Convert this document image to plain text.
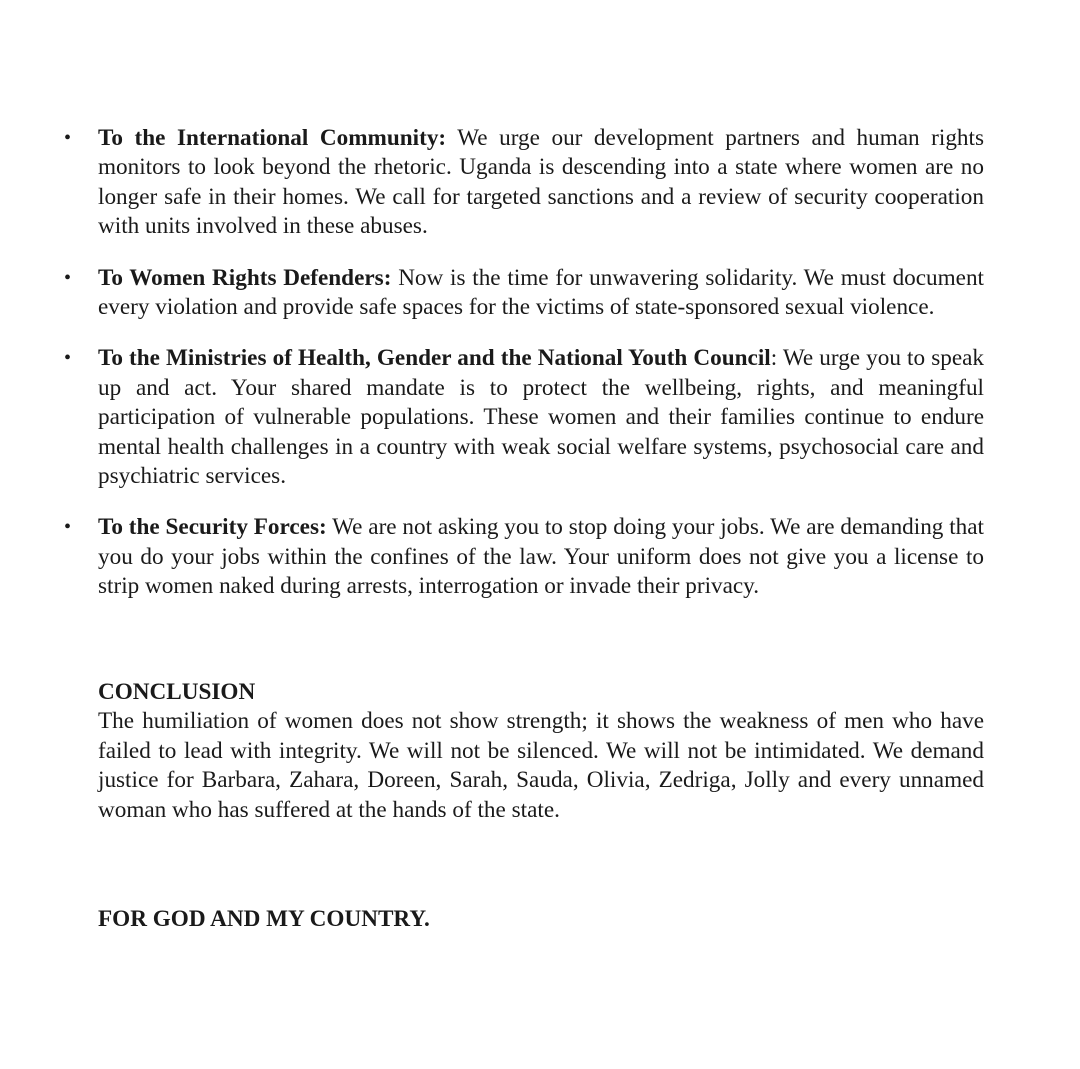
• To the International Community: We urge our development partners and human rights monitors to look beyond the rhetoric. Uganda is descending into a state where women are no longer safe in their homes. We call for targeted sanctions and a review of security cooperation with units involved in these abuses.
• To Women Rights Defenders: Now is the time for unwavering solidarity. We must document every violation and provide safe spaces for the victims of state-sponsored sexual violence.
• To the Ministries of Health, Gender and the National Youth Council: We urge you to speak up and act. Your shared mandate is to protect the wellbeing, rights, and meaningful participation of vulnerable populations. These women and their families continue to endure mental health challenges in a country with weak social welfare systems, psychosocial care and psychiatric services.
• To the Security Forces: We are not asking you to stop doing your jobs. We are demanding that you do your jobs within the confines of the law. Your uniform does not give you a license to strip women naked during arrests, interrogation or invade their privacy.

CONCLUSION

The humiliation of women does not show strength; it shows the weakness of men who have failed to lead with integrity. We will not be silenced. We will not be intimidated. We demand justice for Barbara, Zahara, Doreen, Sarah, Sauda, Olivia, Zedriga, Jolly and every unnamed woman who has suffered at the hands of the state.

FOR GOD AND MY COUNTRY.
